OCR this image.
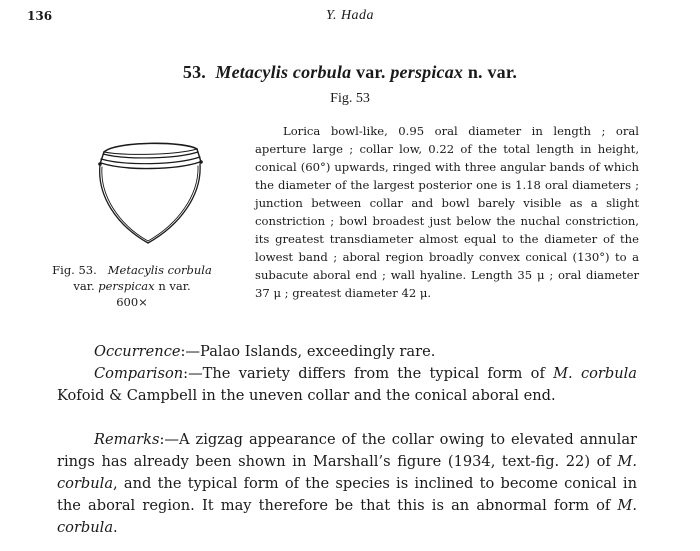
136	Y. Hada
53. Metacylis corbula var. perspicax n. var.
Fig. 53
Fig. 53. Metacylis corbula
var. perspicax n var.
600×

Lorica bowl-like, 0.95 oral diameter in length ; oral aperture large ; collar low, 0.22 of the total length in height, conical (60°) upwards, ringed with three angular bands of which the diameter of the largest posterior one is 1.18 oral diameters ; junction between collar and bowl barely visible as a slight constriction ; bowl broadest just below the nuchal constriction, its greatest transdiameter almost equal to the diameter of the lowest band ; aboral region broadly convex conical (130°) to a subacute aboral end ; wall hyaline. Length 35 μ ; oral diameter 37 μ ; greatest diameter 42 μ.

Occurrence:—Palao Islands, exceedingly rare.

Comparison:—The variety differs from the typical form of M. corbula Kofoid & Campbell in the uneven collar and the conical aboral end.

Remarks:—A zigzag appearance of the collar owing to elevated annular rings has already been shown in Marshall’s figure (1934, text-fig. 22) of M. corbula, and the typical form of the species is inclined to become conical in the aboral region. It may therefore be that this is an abnormal form of M. corbula.
